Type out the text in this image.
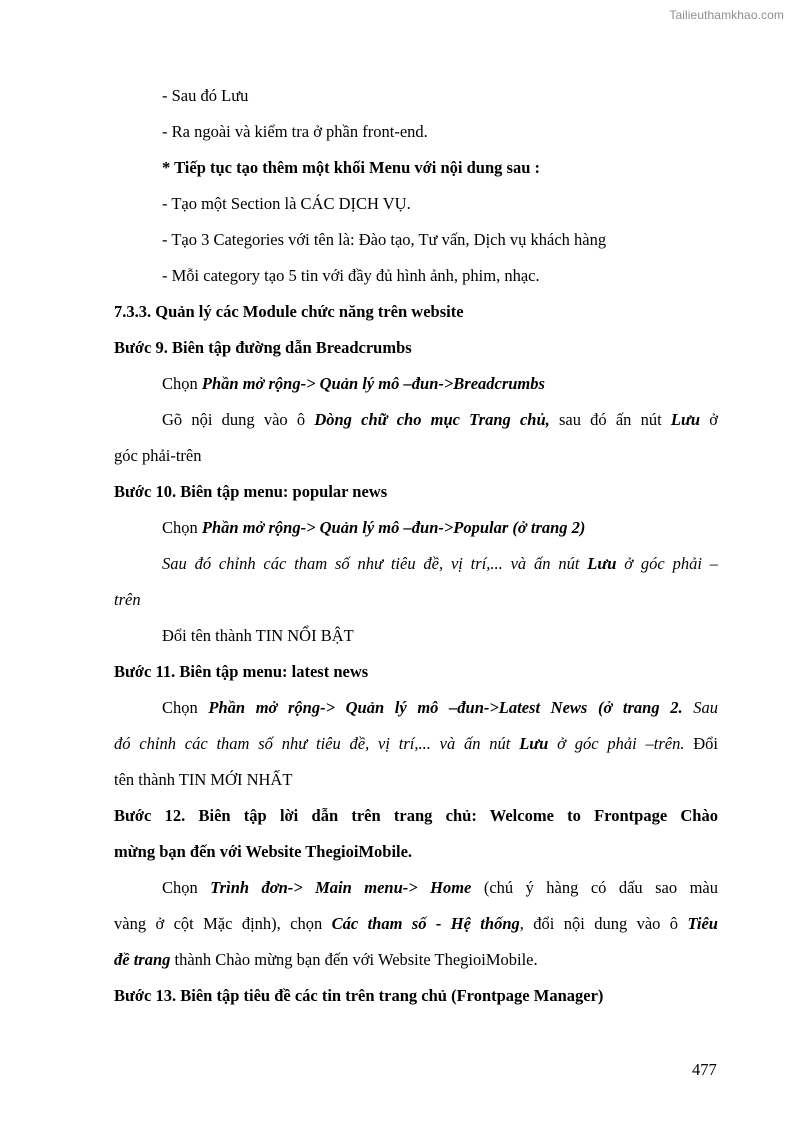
Tailieuthamkhao.com
- Sau đó Lưu
- Ra ngoài và kiểm tra ở phần front-end.
* Tiếp tục tạo thêm một khối Menu với nội dung sau :
- Tạo một Section là CÁC DỊCH VỤ.
- Tạo 3 Categories với tên là: Đào tạo, Tư vấn, Dịch vụ khách hàng
- Mỗi category tạo 5 tin với đầy đủ hình ảnh, phim, nhạc.
7.3.3. Quản lý các Module chức năng trên website
Bước 9. Biên tập đường dẫn Breadcrumbs
Chọn Phần mở rộng-> Quản lý mô –đun->Breadcrumbs
Gõ nội dung vào ô Dòng chữ cho mục Trang chủ, sau đó ấn nút Lưu ở
góc phải-trên
Bước 10. Biên tập menu: popular news
Chọn Phần mở rộng-> Quản lý mô –đun->Popular (ở trang 2)
Sau đó chỉnh các tham số như tiêu đề, vị trí,... và ấn nút Lưu ở góc phải –
trên
Đổi tên thành TIN NỔI BẬT
Bước 11. Biên tập menu: latest news
Chọn Phần mở rộng-> Quản lý mô –đun->Latest News (ở trang 2. Sau
đó chỉnh các tham số như tiêu đề, vị trí,... và ấn nút Lưu ở góc phải –trên. Đổi
tên thành TIN MỚI NHẤT
Bước 12. Biên tập lời dẫn trên trang chủ: Welcome to Frontpage Chào
mừng bạn đến với Website ThegioiMobile.
Chọn Trình đơn-> Main menu-> Home (chú ý hàng có dấu sao màu
vàng ở cột Mặc định), chọn Các tham số - Hệ thống, đổi nội dung vào ô Tiêu
đề trang thành Chào mừng bạn đến với Website ThegioiMobile.
Bước 13. Biên tập tiêu đề các tin trên trang chủ (Frontpage Manager)
477
